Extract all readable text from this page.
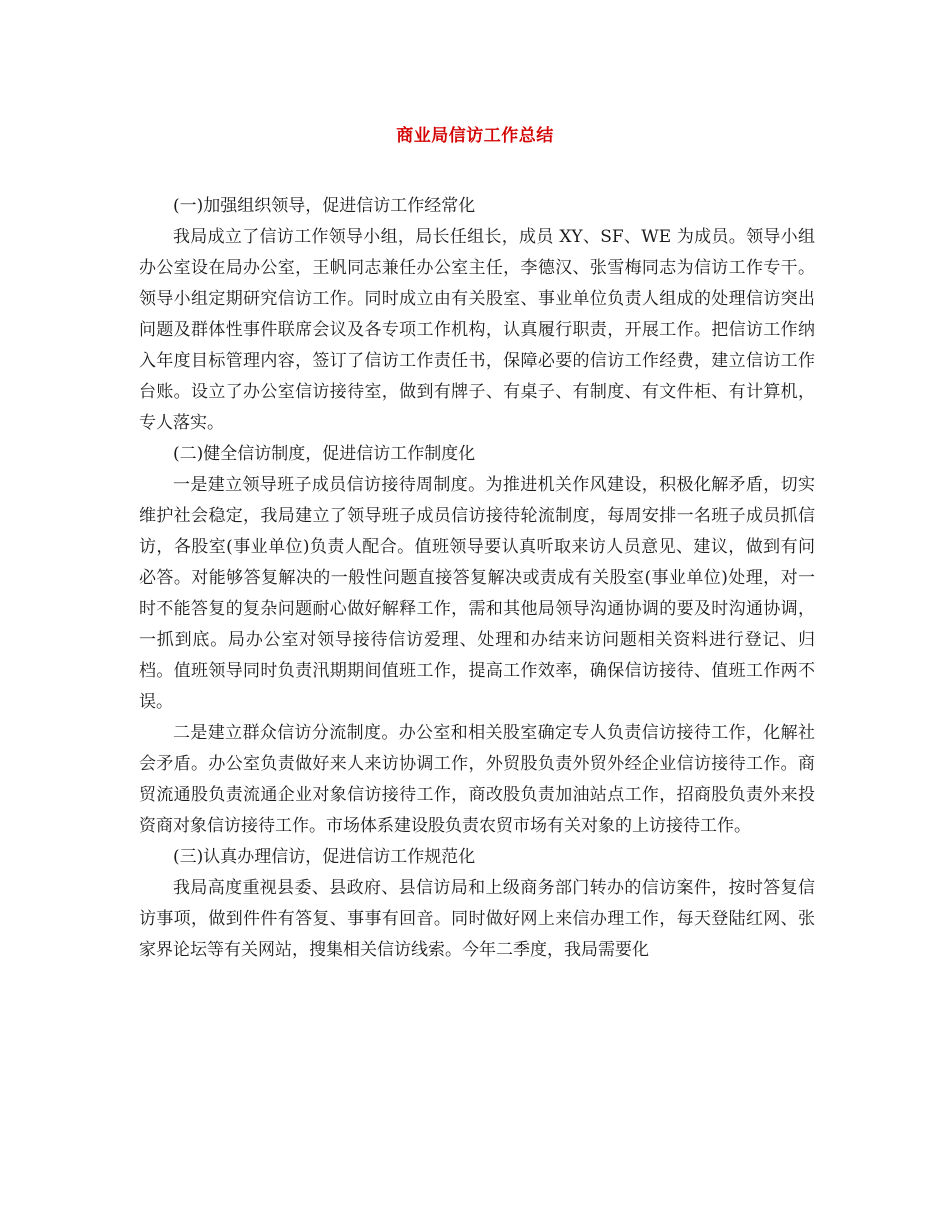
商业局信访工作总结

(一)加强组织领导，促进信访工作经常化

我局成立了信访工作领导小组，局长任组长，成员 XY、SF、WE 为成员。领导小组办公室设在局办公室，王帆同志兼任办公室主任，李德汉、张雪梅同志为信访工作专干。领导小组定期研究信访工作。同时成立由有关股室、事业单位负责人组成的处理信访突出问题及群体性事件联席会议及各专项工作机构，认真履行职责，开展工作。把信访工作纳入年度目标管理内容，签订了信访工作责任书，保障必要的信访工作经费，建立信访工作台账。设立了办公室信访接待室，做到有牌子、有桌子、有制度、有文件柜、有计算机，专人落实。

(二)健全信访制度，促进信访工作制度化

一是建立领导班子成员信访接待周制度。为推进机关作风建设，积极化解矛盾，切实维护社会稳定，我局建立了领导班子成员信访接待轮流制度，每周安排一名班子成员抓信访，各股室(事业单位)负责人配合。值班领导要认真听取来访人员意见、建议，做到有问必答。对能够答复解决的一般性问题直接答复解决或责成有关股室(事业单位)处理，对一时不能答复的复杂问题耐心做好解释工作，需和其他局领导沟通协调的要及时沟通协调，一抓到底。局办公室对领导接待信访爱理、处理和办结来访问题相关资料进行登记、归档。值班领导同时负责汛期期间值班工作，提高工作效率，确保信访接待、值班工作两不误。

二是建立群众信访分流制度。办公室和相关股室确定专人负责信访接待工作，化解社会矛盾。办公室负责做好来人来访协调工作，外贸股负责外贸外经企业信访接待工作。商贸流通股负责流通企业对象信访接待工作，商改股负责加油站点工作，招商股负责外来投资商对象信访接待工作。市场体系建设股负责农贸市场有关对象的上访接待工作。

(三)认真办理信访，促进信访工作规范化

我局高度重视县委、县政府、县信访局和上级商务部门转办的信访案件，按时答复信访事项，做到件件有答复、事事有回音。同时做好网上来信办理工作，每天登陆红网、张家界论坛等有关网站，搜集相关信访线索。今年二季度，我局需要化
